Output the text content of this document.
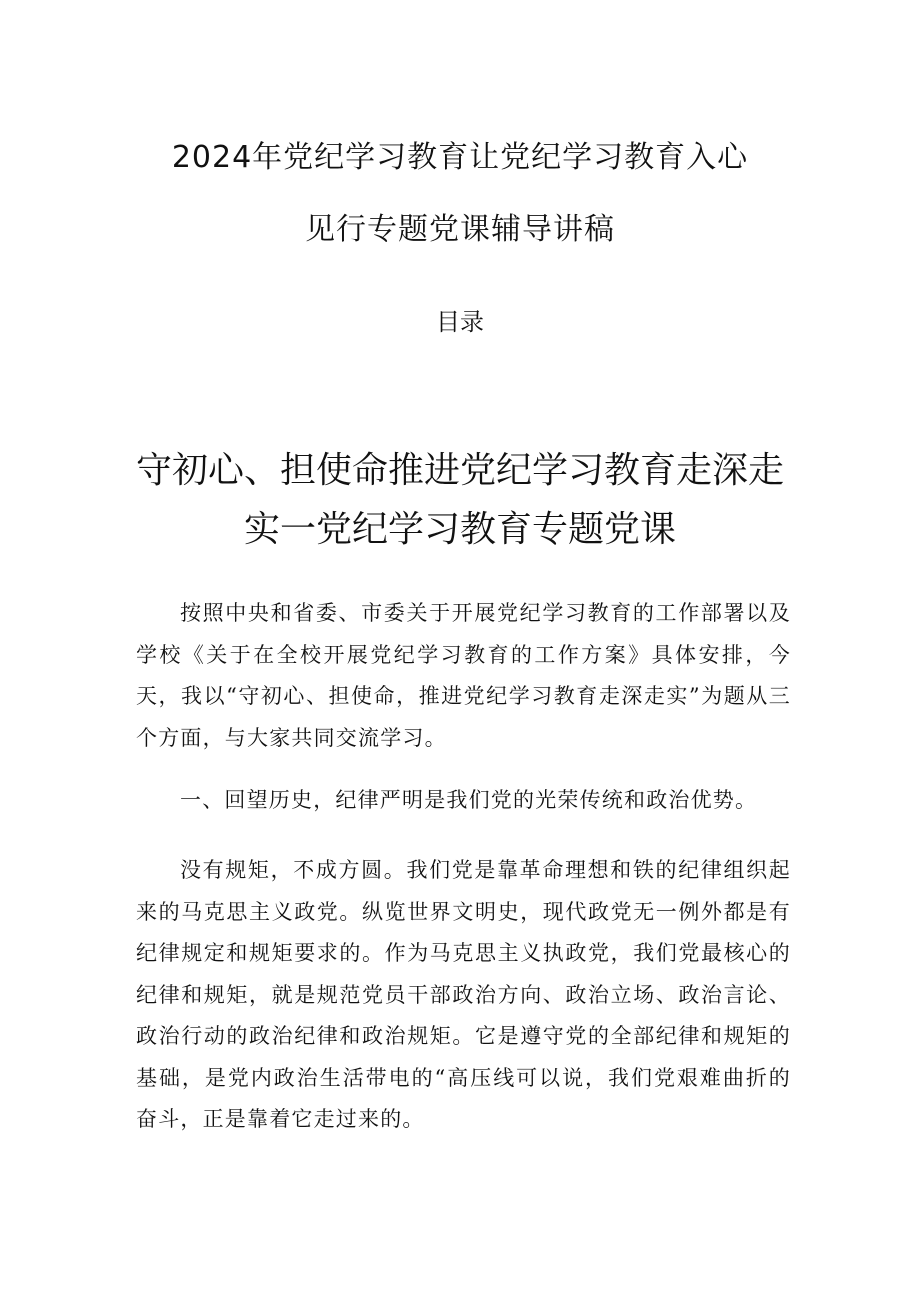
2024年党纪学习教育让党纪学习教育入心
见行专题党课辅导讲稿
目录
守初心、担使命推进党纪学习教育走深走
实一党纪学习教育专题党课

按照中央和省委、市委关于开展党纪学习教育的工作部署以及学校《关于在全校开展党纪学习教育的工作方案》具体安排，今天，我以“守初心、担使命，推进党纪学习教育走深走实”为题从三个方面，与大家共同交流学习。

一、回望历史，纪律严明是我们党的光荣传统和政治优势。

没有规矩，不成方圆。我们党是靠革命理想和铁的纪律组织起来的马克思主义政党。纵览世界文明史，现代政党无一例外都是有纪律规定和规矩要求的。作为马克思主义执政党，我们党最核心的纪律和规矩，就是规范党员干部政治方向、政治立场、政治言论、政治行动的政治纪律和政治规矩。它是遵守党的全部纪律和规矩的基础，是党内政治生活带电的“高压线可以说，我们党艰难曲折的奋斗，正是靠着它走过来的。
